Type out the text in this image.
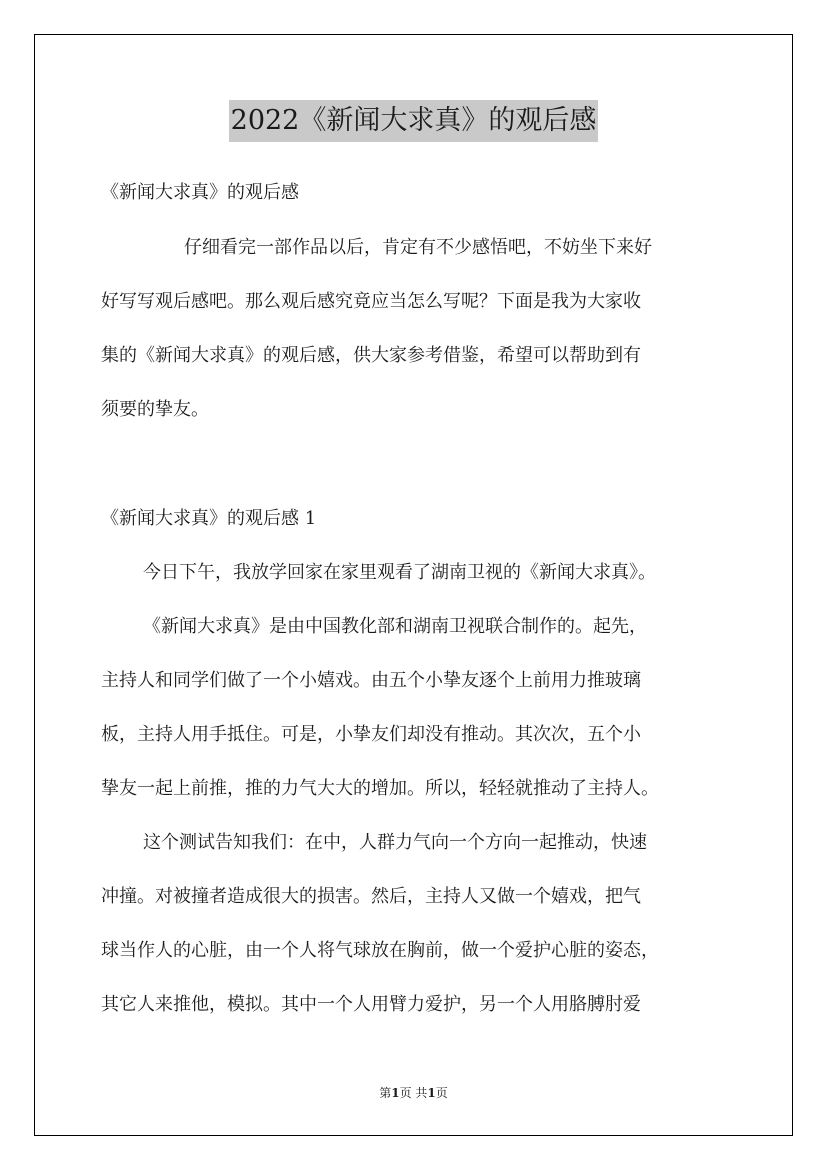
2022《新闻大求真》的观后感
《新闻大求真》的观后感
仔细看完一部作品以后，肯定有不少感悟吧，不妨坐下来好
好写写观后感吧。那么观后感究竟应当怎么写呢？下面是我为大家收
集的《新闻大求真》的观后感，供大家参考借鉴，希望可以帮助到有
须要的挚友。
《新闻大求真》的观后感 1
今日下午，我放学回家在家里观看了湖南卫视的《新闻大求真》。
《新闻大求真》是由中国教化部和湖南卫视联合制作的。起先，
主持人和同学们做了一个小嬉戏。由五个小挚友逐个上前用力推玻璃
板，主持人用手抵住。可是，小挚友们却没有推动。其次次，五个小
挚友一起上前推，推的力气大大的增加。所以，轻轻就推动了主持人。
这个测试告知我们：在中，人群力气向一个方向一起推动，快速
冲撞。对被撞者造成很大的损害。然后，主持人又做一个嬉戏，把气
球当作人的心脏，由一个人将气球放在胸前，做一个爱护心脏的姿态，
其它人来推他，模拟。其中一个人用臂力爱护，另一个人用胳膊肘爱
第1页 共1页
